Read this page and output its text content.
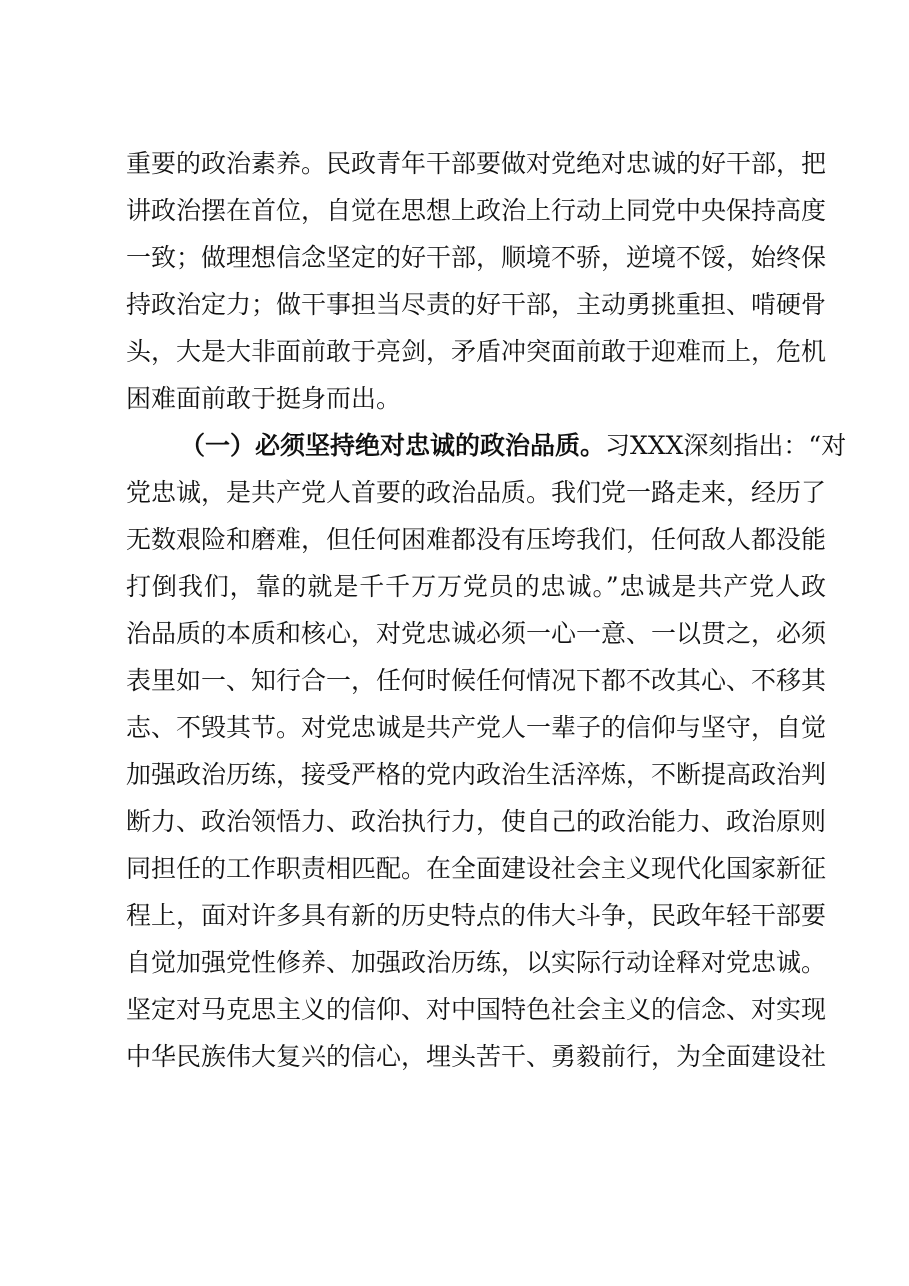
重要的政治素养。民政青年干部要做对党绝对忠诚的好干部，把
讲政治摆在首位，自觉在思想上政治上行动上同党中央保持高度
一致；做理想信念坚定的好干部，顺境不骄，逆境不馁，始终保
持政治定力；做干事担当尽责的好干部，主动勇挑重担、啃硬骨
头，大是大非面前敢于亮剑，矛盾冲突面前敢于迎难而上，危机
困难面前敢于挺身而出。
（一）必须坚持绝对忠诚的政治品质。习XXX深刻指出：“对
党忠诚，是共产党人首要的政治品质。我们党一路走来，经历了
无数艰险和磨难，但任何困难都没有压垮我们，任何敌人都没能
打倒我们，靠的就是千千万万党员的忠诚。”忠诚是共产党人政
治品质的本质和核心，对党忠诚必须一心一意、一以贯之，必须
表里如一、知行合一，任何时候任何情况下都不改其心、不移其
志、不毁其节。对党忠诚是共产党人一辈子的信仰与坚守，自觉
加强政治历练，接受严格的党内政治生活淬炼，不断提高政治判
断力、政治领悟力、政治执行力，使自己的政治能力、政治原则
同担任的工作职责相匹配。在全面建设社会主义现代化国家新征
程上，面对许多具有新的历史特点的伟大斗争，民政年轻干部要
自觉加强党性修养、加强政治历练，以实际行动诠释对党忠诚。
坚定对马克思主义的信仰、对中国特色社会主义的信念、对实现
中华民族伟大复兴的信心，埋头苦干、勇毅前行，为全面建设社
